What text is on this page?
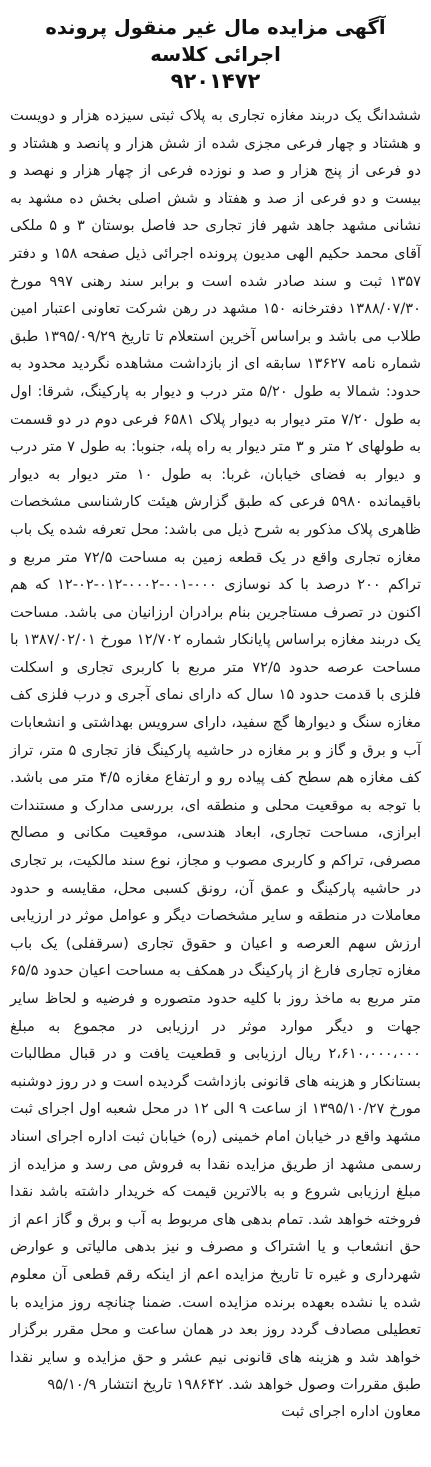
آگهی مزایده مال غیر منقول پرونده اجرائی کلاسه
۹۲۰۱۴۷۲

ششدانگ یک دربند مغازه تجاری به پلاک ثبتی سیزده هزار و دویست و هشتاد و چهار فرعی مجزی شده از شش هزار و پانصد و هشتاد و دو فرعی از پنج هزار و صد و نوزده فرعی از چهار هزار و نهصد و بیست و دو فرعی از صد و هفتاد و شش اصلی بخش ده مشهد به نشانی مشهد جاهد شهر فاز تجاری حد فاصل بوستان ۳ و ۵ ملکی آقای محمد حکیم الهی مدیون پرونده اجرائی ذیل صفحه ۱۵۸ و دفتر ۱۳۵۷ ثبت و سند صادر شده است و برابر سند رهنی ۹۹۷ مورخ ۱۳۸۸/۰۷/۳۰ دفترخانه ۱۵۰ مشهد در رهن شرکت تعاونی اعتبار امین طلاب می باشد و براساس آخرین استعلام تا تاریخ ۱۳۹۵/۰۹/۲۹ طبق شماره نامه ۱۳۶۲۷ سابقه ای از بازداشت مشاهده نگردید محدود به حدود: شمالا به طول ۵/۲۰ متر درب و دیوار به پارکینگ، شرقا: اول به طول ۷/۲۰ متر دیوار به دیوار پلاک ۶۵۸۱ فرعی دوم در دو قسمت به طولهای ۲ متر و ۳ متر دیوار به راه پله، جنوبا: به طول ۷ متر درب و دیوار به فضای خیابان، غربا: به طول ۱۰ متر دیوار به دیوار باقیمانده ۵۹۸۰ فرعی که طبق گزارش هیئت کارشناسی مشخصات ظاهری پلاک مذکور به شرح ذیل می باشد: محل تعرفه شده یک باب مغازه تجاری واقع در یک قطعه زمین به مساحت ۷۲/۵ متر مربع و تراکم ۲۰۰ درصد با کد نوسازی ۰۰۰-۰۰۱-۰۰۰۲-۰۱۲-۰۲-۱۲ که هم اکنون در تصرف مستاجرین بنام برادران ارزانیان می باشد. مساحت یک دربند مغازه براساس پایانکار شماره ۱۲/۷۰۲ مورخ ۱۳۸۷/۰۲/۰۱ با مساحت عرصه حدود ۷۲/۵ متر مربع با کاربری تجاری و اسکلت فلزی با قدمت حدود ۱۵ سال که دارای نمای آجری و درب فلزی کف مغازه سنگ و دیوارها گچ سفید، دارای سرویس بهداشتی و انشعابات آب و برق و گاز و بر مغازه در حاشیه پارکینگ فاز تجاری ۵ متر، تراز کف مغازه هم سطح کف پیاده رو و ارتفاع مغازه ۴/۵ متر می باشد. با توجه به موقعیت محلی و منطقه ای، بررسی مدارک و مستندات ابرازی، مساحت تجاری، ابعاد هندسی، موقعیت مکانی و مصالح مصرفی، تراکم و کاربری مصوب و مجاز، نوع سند مالکیت، بر تجاری در حاشیه پارکینگ و عمق آن، رونق کسبی محل، مقایسه و حدود معاملات در منطقه و سایر مشخصات دیگر و عوامل موثر در ارزیابی ارزش سهم العرصه و اعیان و حقوق تجاری (سرقفلی) یک باب مغازه تجاری فارغ از پارکینگ در همکف به مساحت اعیان حدود ۶۵/۵ متر مربع به ماخذ روز با کلیه حدود متصوره و فرضیه و لحاظ سایر جهات و دیگر موارد موثر در ارزیابی در مجموع به مبلغ ۲،۶۱۰،۰۰۰،۰۰۰ ریال ارزیابی و قطعیت یافت و در قبال مطالبات بستانکار و هزینه های قانونی بازداشت گردیده است و در روز دوشنبه مورخ ۱۳۹۵/۱۰/۲۷ از ساعت ۹ الی ۱۲ در محل شعبه اول اجرای ثبت مشهد واقع در خیابان امام خمینی (ره) خیابان ثبت اداره اجرای اسناد رسمی مشهد از طریق مزایده نقدا به فروش می رسد و مزایده از مبلغ ارزیابی شروع و به بالاترین قیمت که خریدار داشته باشد نقدا فروخته خواهد شد. تمام بدهی های مربوط به آب و برق و گاز اعم از حق انشعاب و یا اشتراک و مصرف و نیز بدهی مالیاتی و عوارض شهرداری و غیره تا تاریخ مزایده اعم از اینکه رقم قطعی آن معلوم شده یا نشده بعهده برنده مزایده است. ضمنا چنانچه روز مزایده با تعطیلی مصادف گردد روز بعد در همان ساعت و محل مقرر برگزار خواهد شد و هزینه های قانونی نیم عشر و حق مزایده و سایر نقدا طبق مقررات وصول خواهد شد. ۱۹۸۶۴۲ تاریخ انتشار ۹۵/۱۰/۹

معاون اداره اجرای ثبت
